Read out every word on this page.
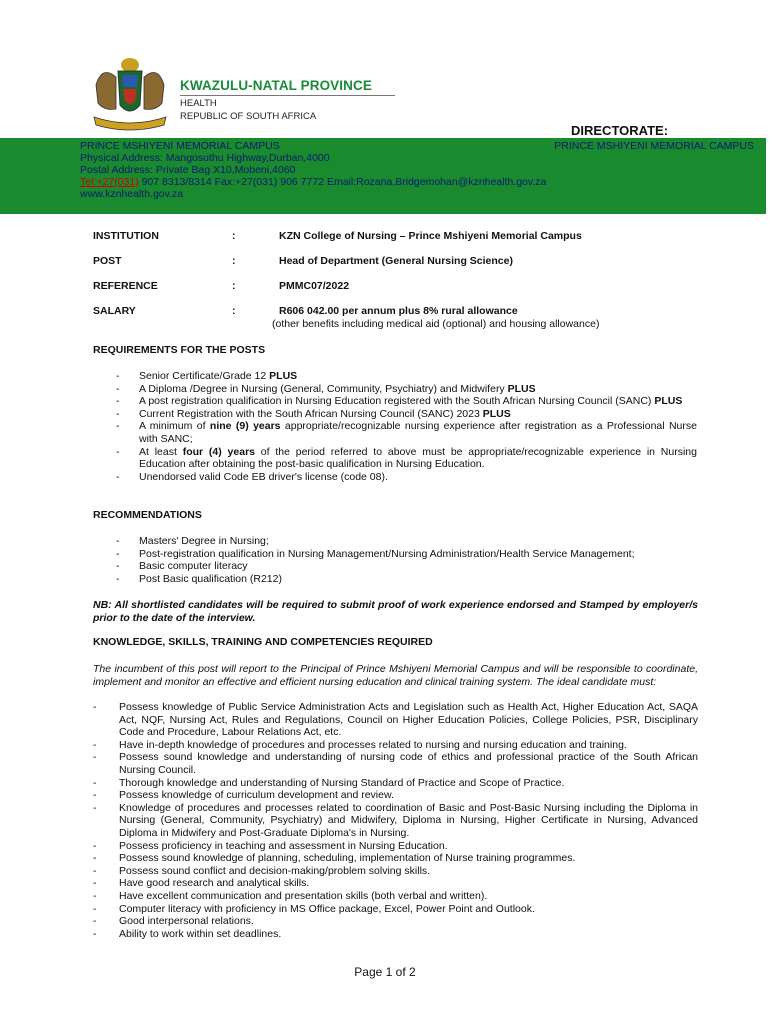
KWAZULU-NATAL PROVINCE
HEALTH
REPUBLIC OF SOUTH AFRICA
DIRECTORATE:
PRINCE MSHIYENI MEMORIAL CAMPUS	PRINCE MSHIYENI MEMORIAL CAMPUS
Physical Address: Mangosuthu Highway,Durban,4000
Postal Address: Private Bag X10,Mobeni,4060
Tel:+27(031) 907 8313/8314 Fax:+27(031) 906 7772 Email:Rozana.Bridgemohan@kznhealth.gov.za
www.kznhealth.gov.za
INSTITUTION	:	KZN College of Nursing – Prince Mshiyeni Memorial Campus
POST	:	Head of Department (General Nursing Science)
REFERENCE	:	PMMC07/2022
SALARY	:	R606 042.00 per annum plus 8% rural allowance
(other benefits including medical aid (optional) and housing allowance)
REQUIREMENTS FOR THE POSTS
- Senior Certificate/Grade 12 PLUS
- A Diploma /Degree in Nursing (General, Community, Psychiatry) and Midwifery PLUS
- A post registration qualification in Nursing Education registered with the South African Nursing Council (SANC) PLUS
- Current Registration with the South African Nursing Council (SANC) 2023 PLUS
- A minimum of nine (9) years appropriate/recognizable nursing experience after registration as a Professional Nurse with SANC;
- At least four (4) years of the period referred to above must be appropriate/recognizable experience in Nursing Education after obtaining the post-basic qualification in Nursing Education.
- Unendorsed valid Code EB driver's license (code 08).
RECOMMENDATIONS
- Masters' Degree in Nursing;
- Post-registration qualification in Nursing Management/Nursing Administration/Health Service Management;
- Basic computer literacy
- Post Basic qualification (R212)
NB: All shortlisted candidates will be required to submit proof of work experience endorsed and Stamped by employer/s prior to the date of the interview.
KNOWLEDGE, SKILLS, TRAINING AND COMPETENCIES REQUIRED
The incumbent of this post will report to the Principal of Prince Mshiyeni Memorial Campus and will be responsible to coordinate, implement and monitor an effective and efficient nursing education and clinical training system. The ideal candidate must:
- Possess knowledge of Public Service Administration Acts and Legislation such as Health Act, Higher Education Act, SAQA Act, NQF, Nursing Act, Rules and Regulations, Council on Higher Education Policies, College Policies, PSR, Disciplinary Code and Procedure, Labour Relations Act, etc.
- Have in-depth knowledge of procedures and processes related to nursing and nursing education and training.
- Possess sound knowledge and understanding of nursing code of ethics and professional practice of the South African Nursing Council.
- Thorough knowledge and understanding of Nursing Standard of Practice and Scope of Practice.
- Possess knowledge of curriculum development and review.
- Knowledge of procedures and processes related to coordination of Basic and Post-Basic Nursing including the Diploma in Nursing (General, Community, Psychiatry) and Midwifery, Diploma in Nursing, Higher Certificate in Nursing, Advanced Diploma in Midwifery and Post-Graduate Diploma's in Nursing.
- Possess proficiency in teaching and assessment in Nursing Education.
- Possess sound knowledge of planning, scheduling, implementation of Nurse training programmes.
- Possess sound conflict and decision-making/problem solving skills.
- Have good research and analytical skills.
- Have excellent communication and presentation skills (both verbal and written).
- Computer literacy with proficiency in MS Office package, Excel, Power Point and Outlook.
- Good interpersonal relations.
- Ability to work within set deadlines.
Page 1 of 2
